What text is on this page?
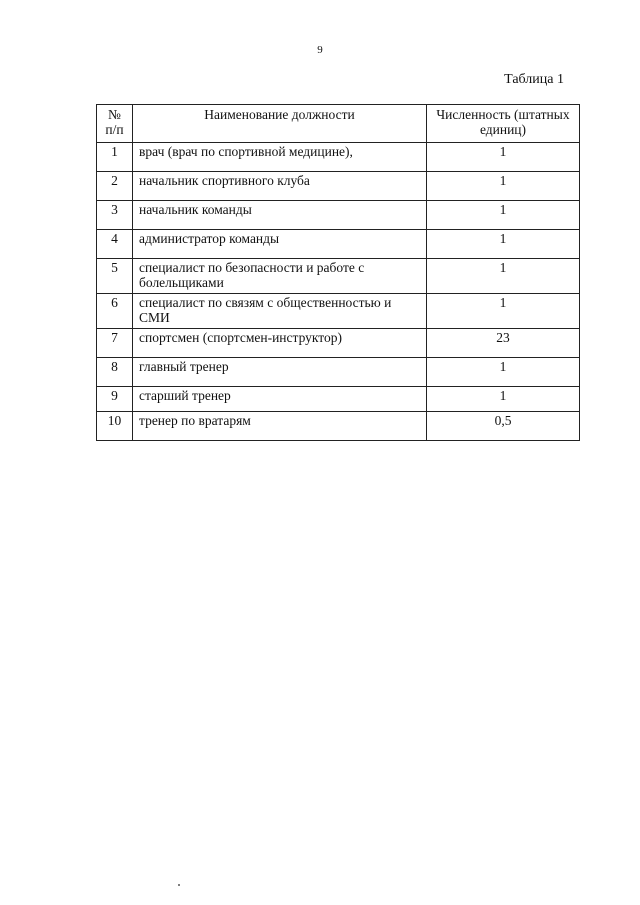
9
Таблица 1
№ п/п	Наименование должности	Численность (штатных единиц)
1	врач (врач по спортивной медицине),	1
2	начальник спортивного клуба	1
3	начальник команды	1
4	администратор команды	1
5	специалист по безопасности и работе с болельщиками	1
6	специалист по связям с общественностью и СМИ	1
7	спортсмен (спортсмен-инструктор)	23
8	главный тренер	1
9	старший тренер	1
10	тренер по вратарям	0,5
